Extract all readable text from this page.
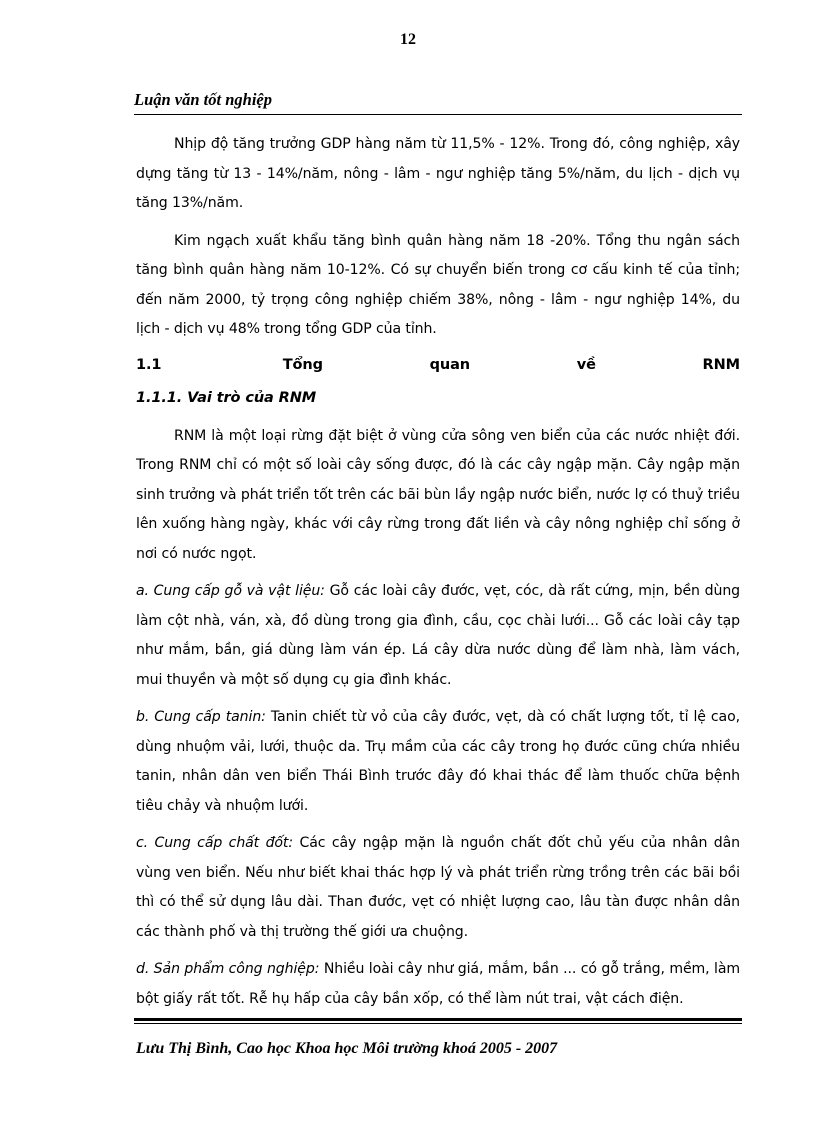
12
Luận văn tốt nghiệp

Nhịp độ tăng trưởng GDP hàng năm từ 11,5% - 12%. Trong đó, công nghiệp, xây dựng tăng từ 13 - 14%/năm, nông - lâm - ngư nghiệp tăng 5%/năm, du lịch - dịch vụ tăng 13%/năm.

Kim ngạch xuất khẩu tăng bình quân hàng năm 18 -20%. Tổng thu ngân sách tăng bình quân hàng năm 10-12%. Có sự chuyển biến trong cơ cấu kinh tế của tỉnh; đến năm 2000, tỷ trọng công nghiệp chiếm 38%, nông - lâm - ngư nghiệp 14%, du lịch - dịch vụ 48% trong tổng GDP của tỉnh.

1.1	Tổng	quan	về	RNM

1.1.1. Vai trò của RNM

RNM là một loại rừng đặt biệt ở vùng cửa sông ven biển của các nước nhiệt đới. Trong RNM chỉ có một số loài cây sống được, đó là các cây ngập mặn. Cây ngập mặn sinh trưởng và phát triển tốt trên các bãi bùn lầy ngập nước biển, nước lợ có thuỷ triều lên xuống hàng ngày, khác với cây rừng trong đất liền và cây nông nghiệp chỉ sống ở nơi có nước ngọt.

a. Cung cấp gỗ và vật liệu: Gỗ các loài cây đước, vẹt, cóc, dà rất cứng, mịn, bền dùng làm cột nhà, ván, xà, đồ dùng trong gia đình, cầu, cọc chài lưới... Gỗ các loài cây tạp như mắm, bần, giá dùng làm ván ép. Lá cây dừa nước dùng để làm nhà, làm vách, mui thuyền và một số dụng cụ gia đình khác.

b. Cung cấp tanin: Tanin chiết từ vỏ của cây đước, vẹt, dà có chất lượng tốt, tỉ lệ cao, dùng nhuộm vải, lưới, thuộc da. Trụ mầm của các cây trong họ đước cũng chứa nhiều tanin, nhân dân ven biển Thái Bình trước đây đó khai thác để làm thuốc chữa bệnh tiêu chảy và nhuộm lưới.

c. Cung cấp chất đốt: Các cây ngập mặn là nguồn chất đốt chủ yếu của nhân dân vùng ven biển. Nếu như biết khai thác hợp lý và phát triển rừng trồng trên các bãi bồi thì có thể sử dụng lâu dài. Than đước, vẹt có nhiệt lượng cao, lâu tàn được nhân dân các thành phố và thị trường thế giới ưa chuộng.

d. Sản phẩm công nghiệp: Nhiều loài cây như giá, mắm, bần ... có gỗ trắng, mềm, làm bột giấy rất tốt. Rễ hụ hấp của cây bần xốp, có thể làm nút trai, vật cách điện.

Lưu Thị Bình, Cao học Khoa học Môi trường khoá 2005 - 2007
